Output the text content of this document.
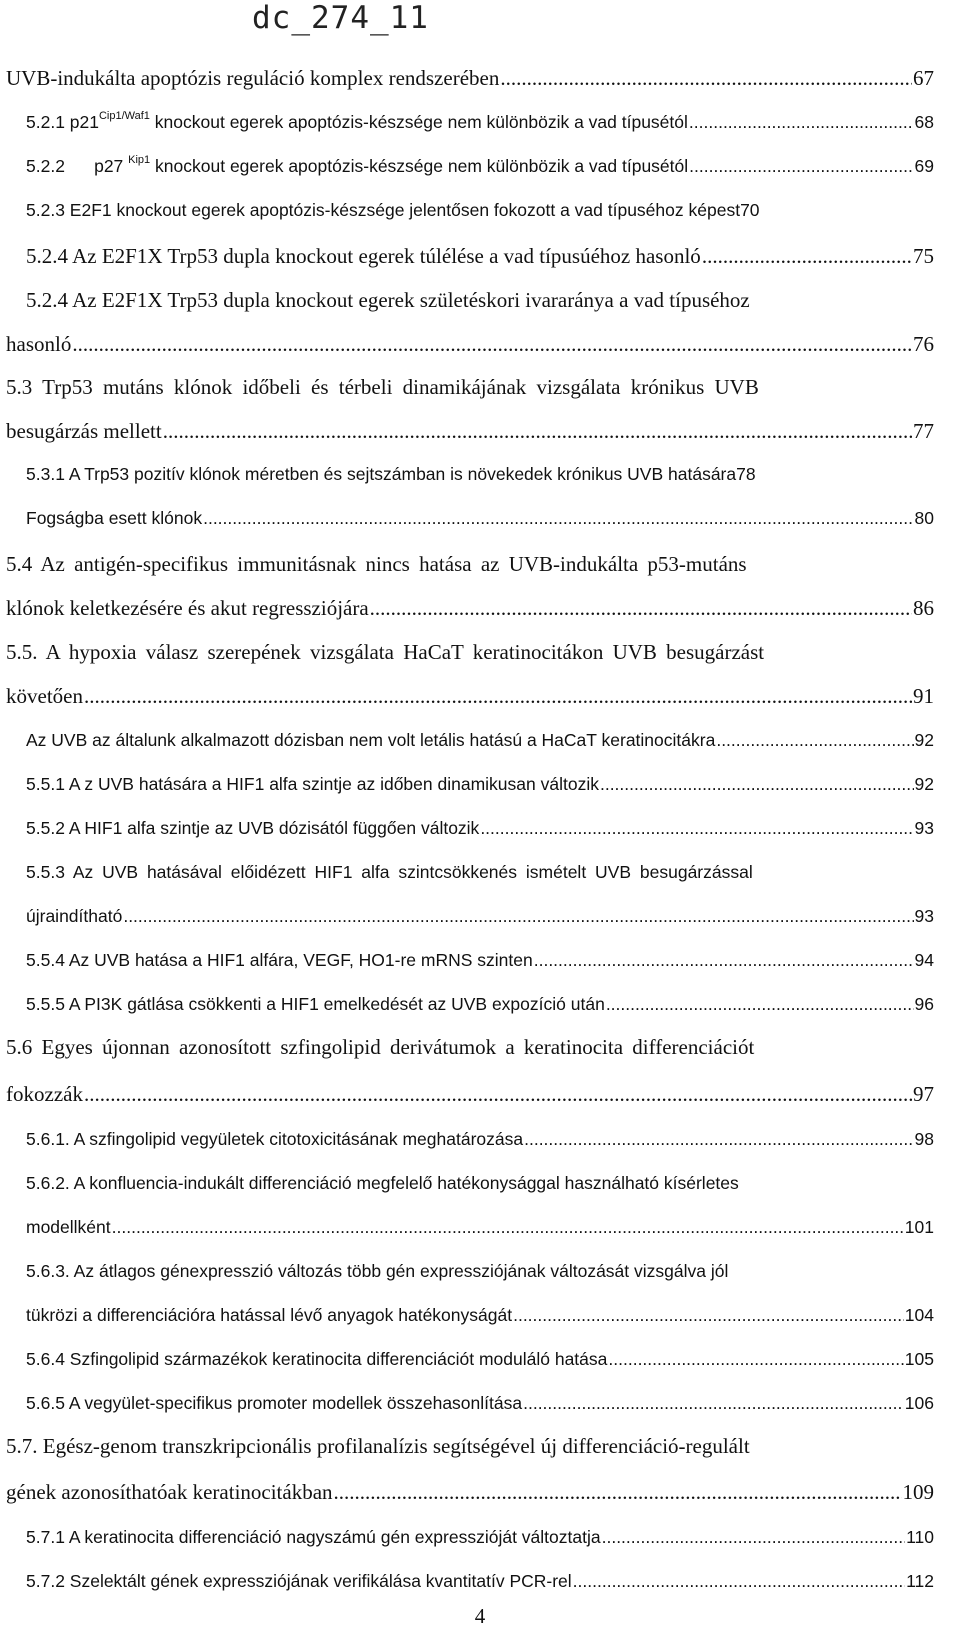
dc_274_11
UVB-indukálta apoptózis reguláció komplex rendszerében .....	67
5.2.1 $p21^{Cip1/Waf1}$ knockout egerek apoptózis-készsége nem különbözik a vad típusétól .....	68
5.2.2      p27 $^{Kip1}$ knockout egerek apoptózis-készsége nem különbözik a vad típusétól .....	69
5.2.3 E2F1 knockout egerek apoptózis-készsége jelentősen fokozott a vad típuséhoz képest 70
5.2.4 Az E2F1X Trp53 dupla knockout egerek túlélése a vad típusúéhoz hasonló .....	75
5.2.4 Az E2F1X Trp53 dupla knockout egerek születéskori ivararánya a vad típuséhoz
hasonló .....	76
5.3 Trp53 mutáns klónok időbeli és térbeli dinamikájának vizsgálata krónikus UVB
besugárzás mellett .....	77
5.3.1 A Trp53 pozitív klónok méretben és sejtszámban is növekedek krónikus UVB hatására 78
Fogságba esett klónok .....	80
5.4 Az antigén-specifikus immunitásnak nincs hatása az UVB-indukálta p53-mutáns
klónok keletkezésére és akut regressziójára .....	86
5.5. A hypoxia válasz szerepének vizsgálata HaCaT keratinocitákon UVB besugárzást
követően .....	91
Az UVB az általunk alkalmazott dózisban nem volt letális hatású a HaCaT keratinocitákra .....	92
5.5.1 A z UVB hatására a HIF1 alfa szintje az időben dinamikusan változik .....	92
5.5.2 A HIF1 alfa szintje az UVB dózisától függően változik .....	93
5.5.3 Az UVB hatásával előidézett HIF1 alfa szintcsökkenés ismételt UVB besugárzással
újraindítható .....	93
5.5.4 Az UVB hatása a HIF1 alfára, VEGF, HO1-re mRNS szinten .....	94
5.5.5 A PI3K gátlása csökkenti a HIF1 emelkedését az UVB expozíció után .....	96
5.6 Egyes újonnan azonosított szfingolipid derivátumok a keratinocita differenciációt
fokozzák .....	97
5.6.1. A szfingolipid vegyületek citotoxicitásának meghatározása .....	98
5.6.2. A konfluencia-indukált differenciáció megfelelő hatékonysággal használható kísérletes
modellként .....	101
5.6.3. Az átlagos génexpresszió változás több gén expressziójának változását vizsgálva jól
tükrözi a differenciációra hatással lévő anyagok hatékonyságát .....	104
5.6.4 Szfingolipid származékok keratinocita differenciációt moduláló hatása .....	105
5.6.5 A vegyület-specifikus promoter modellek összehasonlítása .....	106
5.7. Egész-genom transzkripcionális profilanalízis segítségével új differenciáció-regulált
gének azonosíthatóak keratinocitákban .....	109
5.7.1 A keratinocita differenciáció nagyszámú gén expresszióját változtatja .....	110
5.7.2 Szelektált gének expressziójának verifikálása kvantitatív PCR-rel .....	112
4
